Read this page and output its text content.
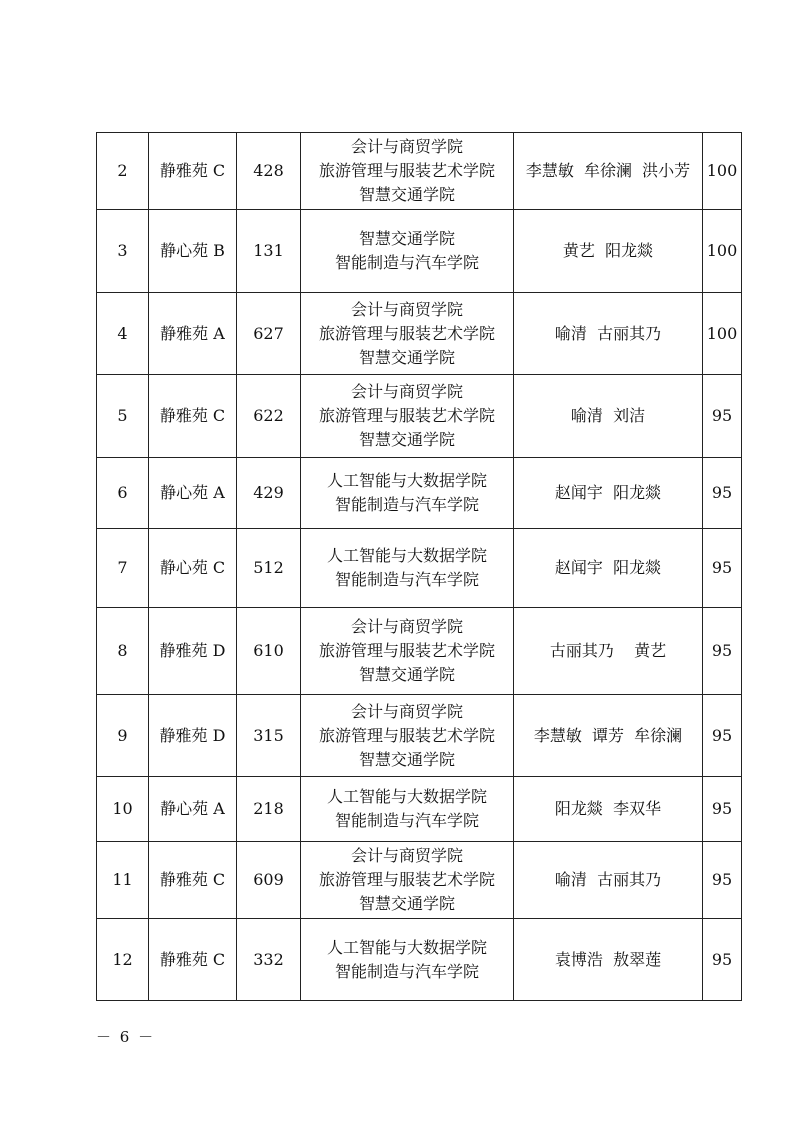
2	静雅苑 C	428	会计与商贸学院
旅游管理与服装艺术学院
智慧交通学院	李慧敏  牟徐澜  洪小芳	100
3	静心苑 B	131	智慧交通学院
智能制造与汽车学院	黄艺  阳龙燚	100
4	静雅苑 A	627	会计与商贸学院
旅游管理与服装艺术学院
智慧交通学院	喻清  古丽其乃	100
5	静雅苑 C	622	会计与商贸学院
旅游管理与服装艺术学院
智慧交通学院	喻清  刘洁	95
6	静心苑 A	429	人工智能与大数据学院
智能制造与汽车学院	赵闻宇  阳龙燚	95
7	静心苑 C	512	人工智能与大数据学院
智能制造与汽车学院	赵闻宇  阳龙燚	95
8	静雅苑 D	610	会计与商贸学院
旅游管理与服装艺术学院
智慧交通学院	古丽其乃    黄艺	95
9	静雅苑 D	315	会计与商贸学院
旅游管理与服装艺术学院
智慧交通学院	李慧敏  谭芳  牟徐澜	95
10	静心苑 A	218	人工智能与大数据学院
智能制造与汽车学院	阳龙燚  李双华	95
11	静雅苑 C	609	会计与商贸学院
旅游管理与服装艺术学院
智慧交通学院	喻清  古丽其乃	95
12	静雅苑 C	332	人工智能与大数据学院
智能制造与汽车学院	袁博浩  敖翠莲	95
－ 6 －
